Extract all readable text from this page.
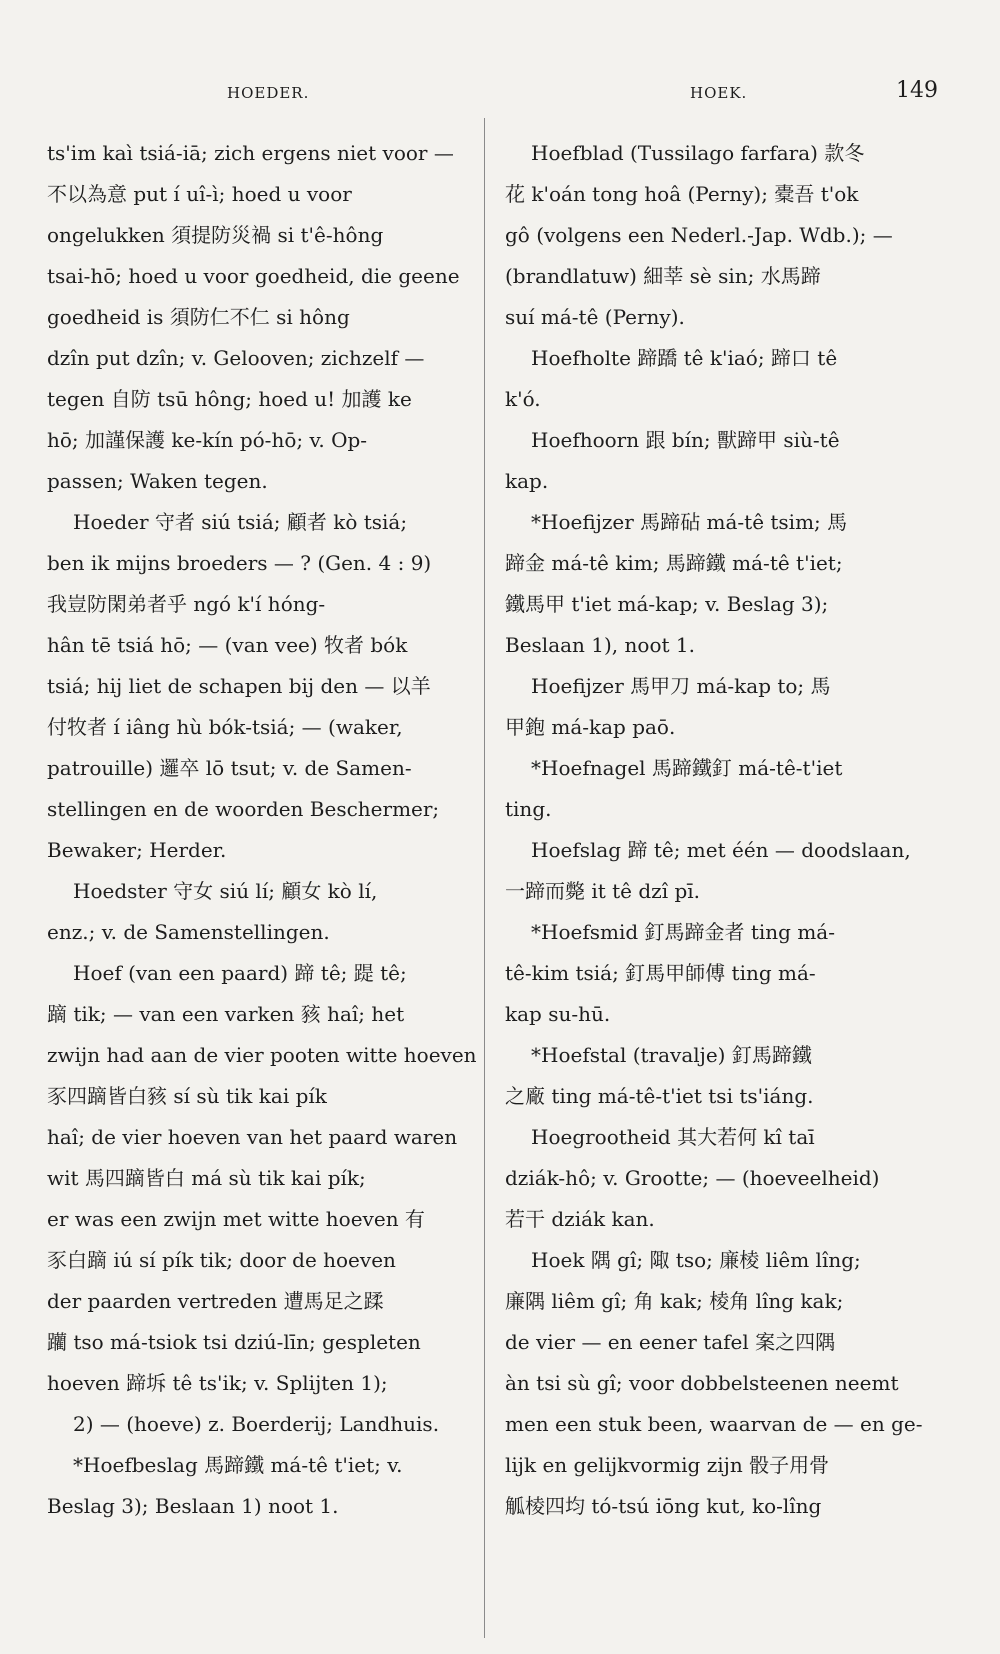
HOEDER.	HOEK.	149
ts'im kaì tsiá-iā; zich ergens niet voor —
不以為意 put í uî-ì; hoed u voor
ongelukken 須提防災禍 si t'ê-hông
tsai-hō; hoed u voor goedheid, die geene
goedheid is 須防仁不仁 si hông
dzîn put dzîn; v. Gelooven; zichzelf —
tegen 自防 tsū hông; hoed u! 加護 ke
hō; 加謹保護 ke-kín pó-hō; v. Op-
passen; Waken tegen.
Hoeder 守者 siú tsiá; 顧者 kò tsiá;
ben ik mijns broeders — ? (Gen. 4 : 9)
我豈防閑弟者乎 ngó k'í hóng-
hân tē tsiá hō; — (van vee) 牧者 bók
tsiá; hij liet de schapen bij den — 以羊
付牧者 í iâng hù bók-tsiá; — (waker,
patrouille) 邏卒 lō tsut; v. de Samen-
stellingen en de woorden Beschermer;
Bewaker; Herder.
Hoedster 守女 siú lí; 顧女 kò lí,
enz.; v. de Samenstellingen.
Hoef (van een paard) 蹄 tê; 踶 tê;
蹢 tik; — van een varken 豥 haî; het
zwijn had aan de vier pooten witte hoeven
豕四蹢皆白豥 sí sù tik kai pík
haî; de vier hoeven van het paard waren
wit 馬四蹢皆白 má sù tik kai pík;
er was een zwijn met witte hoeven 有
豕白蹢 iú sí pík tik; door de hoeven
der paarden vertreden 遭馬足之蹂
躪 tso má-tsiok tsi dziú-līn; gespleten
hoeven 蹄坼 tê ts'ik; v. Splijten 1);
2) — (hoeve) z. Boerderij; Landhuis.
*Hoefbeslag 馬蹄鐵 má-tê t'iet; v.
Beslag 3); Beslaan 1) noot 1.
Hoefblad (Tussilago farfara) 款冬
花 k'oán tong hoâ (Perny); 橐吾 t'ok
gô (volgens een Nederl.-Jap. Wdb.); —
(brandlatuw) 細莘 sè sin; 水馬蹄
suí má-tê (Perny).
Hoefholte 蹄蹻 tê k'iaó; 蹄口 tê
k'ó.
Hoefhoorn 跟 bín; 獸蹄甲 siù-tê
kap.
*Hoefijzer 馬蹄砧 má-tê tsim; 馬
蹄金 má-tê kim; 馬蹄鐵 má-tê t'iet;
鐵馬甲 t'iet má-kap; v. Beslag 3);
Beslaan 1), noot 1.
Hoefijzer 馬甲刀 má-kap to; 馬
甲鉋 má-kap paō.
*Hoefnagel 馬蹄鐵釘 má-tê-t'iet
ting.
Hoefslag 蹄 tê; met één — doodslaan,
一蹄而斃 it tê dzî pī.
*Hoefsmid 釘馬蹄金者 ting má-
tê-kim tsiá; 釘馬甲師傅 ting má-
kap su-hū.
*Hoefstal (travalje) 釘馬蹄鐵
之廠 ting má-tê-t'iet tsi ts'iáng.
Hoegrootheid 其大若何 kî taī
dziák-hô; v. Grootte; — (hoeveelheid)
若干 dziák kan.
Hoek 隅 gî; 陬 tso; 廉棱 liêm lîng;
廉隅 liêm gî; 角 kak; 棱角 lîng kak;
de vier — en eener tafel 案之四隅
àn tsi sù gî; voor dobbelsteenen neemt
men een stuk been, waarvan de — en ge-
lijk en gelijkvormig zijn 骰子用骨
觚棱四均 tó-tsú iōng kut, ko-lîng
